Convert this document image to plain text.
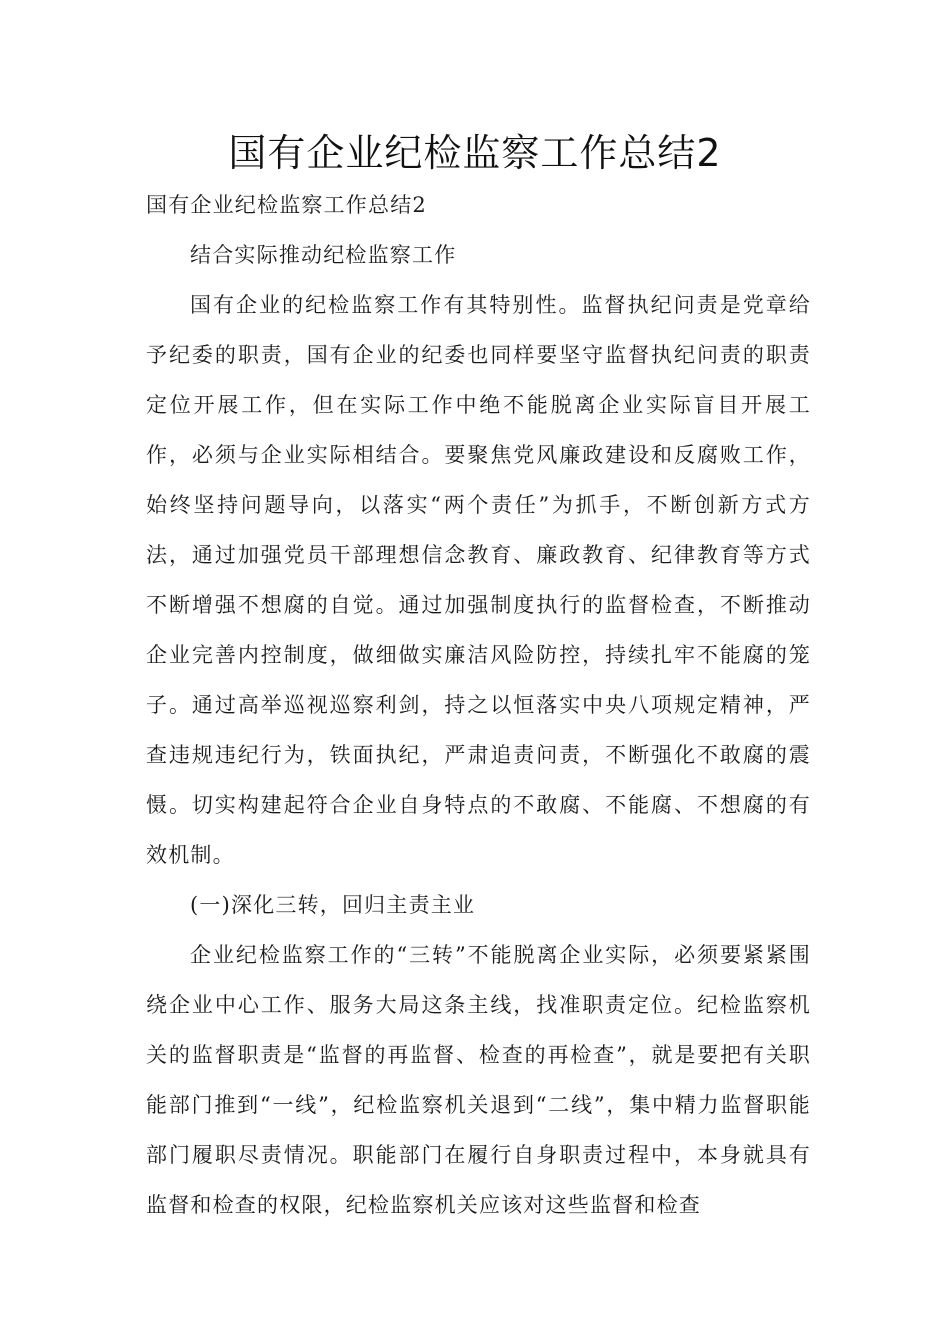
国有企业纪检监察工作总结2

国有企业纪检监察工作总结2

结合实际推动纪检监察工作

国有企业的纪检监察工作有其特别性。监督执纪问责是党章给予纪委的职责，国有企业的纪委也同样要坚守监督执纪问责的职责定位开展工作，但在实际工作中绝不能脱离企业实际盲目开展工作，必须与企业实际相结合。要聚焦党风廉政建设和反腐败工作，始终坚持问题导向，以落实“两个责任”为抓手，不断创新方式方法，通过加强党员干部理想信念教育、廉政教育、纪律教育等方式不断增强不想腐的自觉。通过加强制度执行的监督检查，不断推动企业完善内控制度，做细做实廉洁风险防控，持续扎牢不能腐的笼子。通过高举巡视巡察利剑，持之以恒落实中央八项规定精神，严查违规违纪行为，铁面执纪，严肃追责问责，不断强化不敢腐的震慑。切实构建起符合企业自身特点的不敢腐、不能腐、不想腐的有效机制。

(一)深化三转，回归主责主业

企业纪检监察工作的“三转”不能脱离企业实际，必须要紧紧围绕企业中心工作、服务大局这条主线，找准职责定位。纪检监察机关的监督职责是“监督的再监督、检查的再检查”，就是要把有关职能部门推到“一线”，纪检监察机关退到“二线”，集中精力监督职能部门履职尽责情况。职能部门在履行自身职责过程中，本身就具有监督和检查的权限，纪检监察机关应该对这些监督和检查
